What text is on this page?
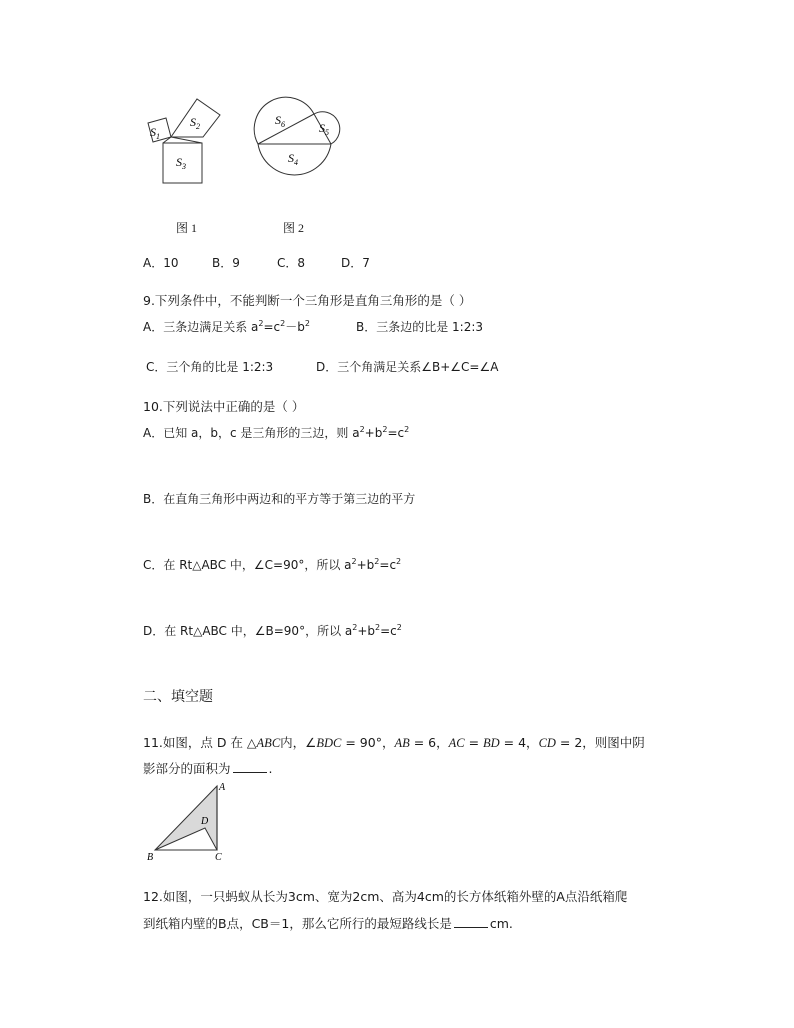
$S_1$
$S_2$
$S_3$
$S_6$	$S_5$
$S_4$
图 1	图 2
A．10	B．9	C．8	D．7
9.下列条件中，不能判断一个三角形是直角三角形的是（ ）
A．三条边满足关系 $a^2=c^2-b^2$	B．三条边的比是 1:2:3
C．三个角的比是 1:2:3	D．三个角满足关系∠B+∠C=∠A
10.下列说法中正确的是（ ）
A．已知 a，b，c 是三角形的三边，则 $a^2+b^2=c^2$
B．在直角三角形中两边和的平方等于第三边的平方
C．在 Rt△ABC 中，∠C=90°，所以 $a^2+b^2=c^2$
D．在 Rt△ABC 中，∠B=90°，所以 $a^2+b^2=c^2$
二、填空题
11.如图，点 D 在 △ABC内，∠BDC = 90°，AB = 6，AC = BD = 4，CD = 2，则图中阴
影部分的面积为	.
A
B	C
D
12.如图，一只蚂蚁从长为3cm、宽为2cm、高为4cm的长方体纸箱外壁的A点沿纸箱爬
到纸箱内壁的B点，CB＝1，那么它所行的最短路线长是	cm.
